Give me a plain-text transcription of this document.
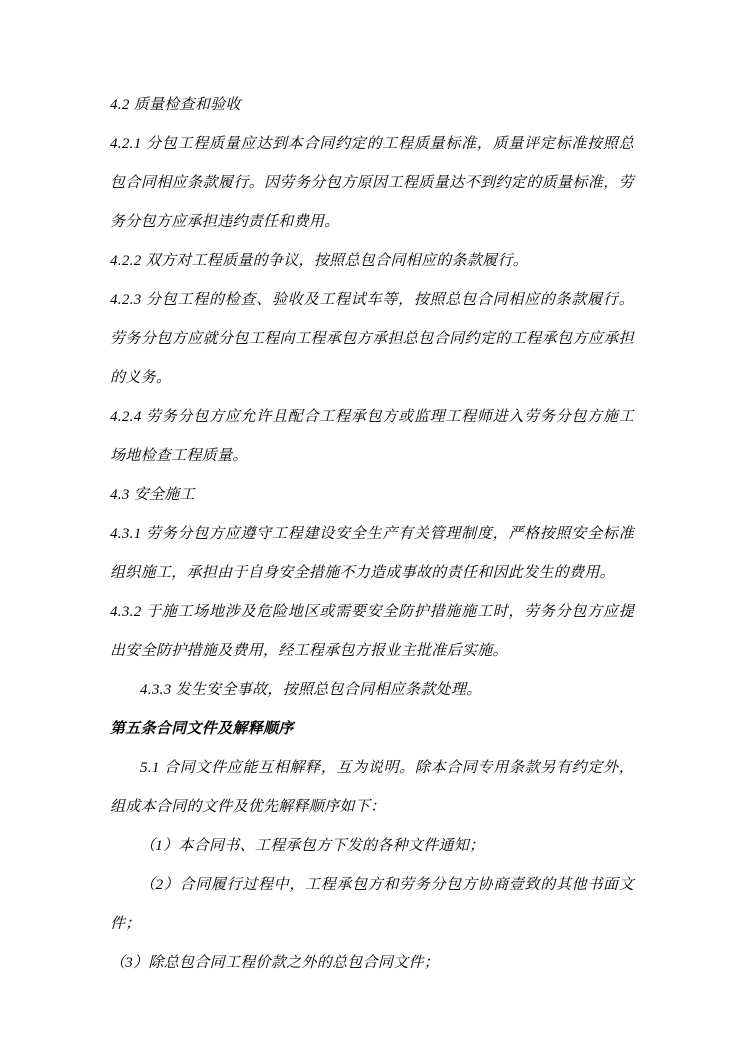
4.2 质量检查和验收

4.2.1 分包工程质量应达到本合同约定的工程质量标准，质量评定标准按照总包合同相应条款履行。因劳务分包方原因工程质量达不到约定的质量标准，劳务分包方应承担违约责任和费用。

4.2.2 双方对工程质量的争议，按照总包合同相应的条款履行。

4.2.3 分包工程的检查、验收及工程试车等，按照总包合同相应的条款履行。劳务分包方应就分包工程向工程承包方承担总包合同约定的工程承包方应承担的义务。

4.2.4 劳务分包方应允许且配合工程承包方或监理工程师进入劳务分包方施工场地检查工程质量。

4.3 安全施工

4.3.1 劳务分包方应遵守工程建设安全生产有关管理制度，严格按照安全标准组织施工，承担由于自身安全措施不力造成事故的责任和因此发生的费用。

4.3.2 于施工场地涉及危险地区或需要安全防护措施施工时，劳务分包方应提出安全防护措施及费用，经工程承包方报业主批准后实施。

4.3.3 发生安全事故，按照总包合同相应条款处理。

第五条合同文件及解释顺序

5.1 合同文件应能互相解释，互为说明。除本合同专用条款另有约定外，组成本合同的文件及优先解释顺序如下：

（1）本合同书、工程承包方下发的各种文件通知；

（2）合同履行过程中，工程承包方和劳务分包方协商壹致的其他书面文件；

（3）除总包合同工程价款之外的总包合同文件；
